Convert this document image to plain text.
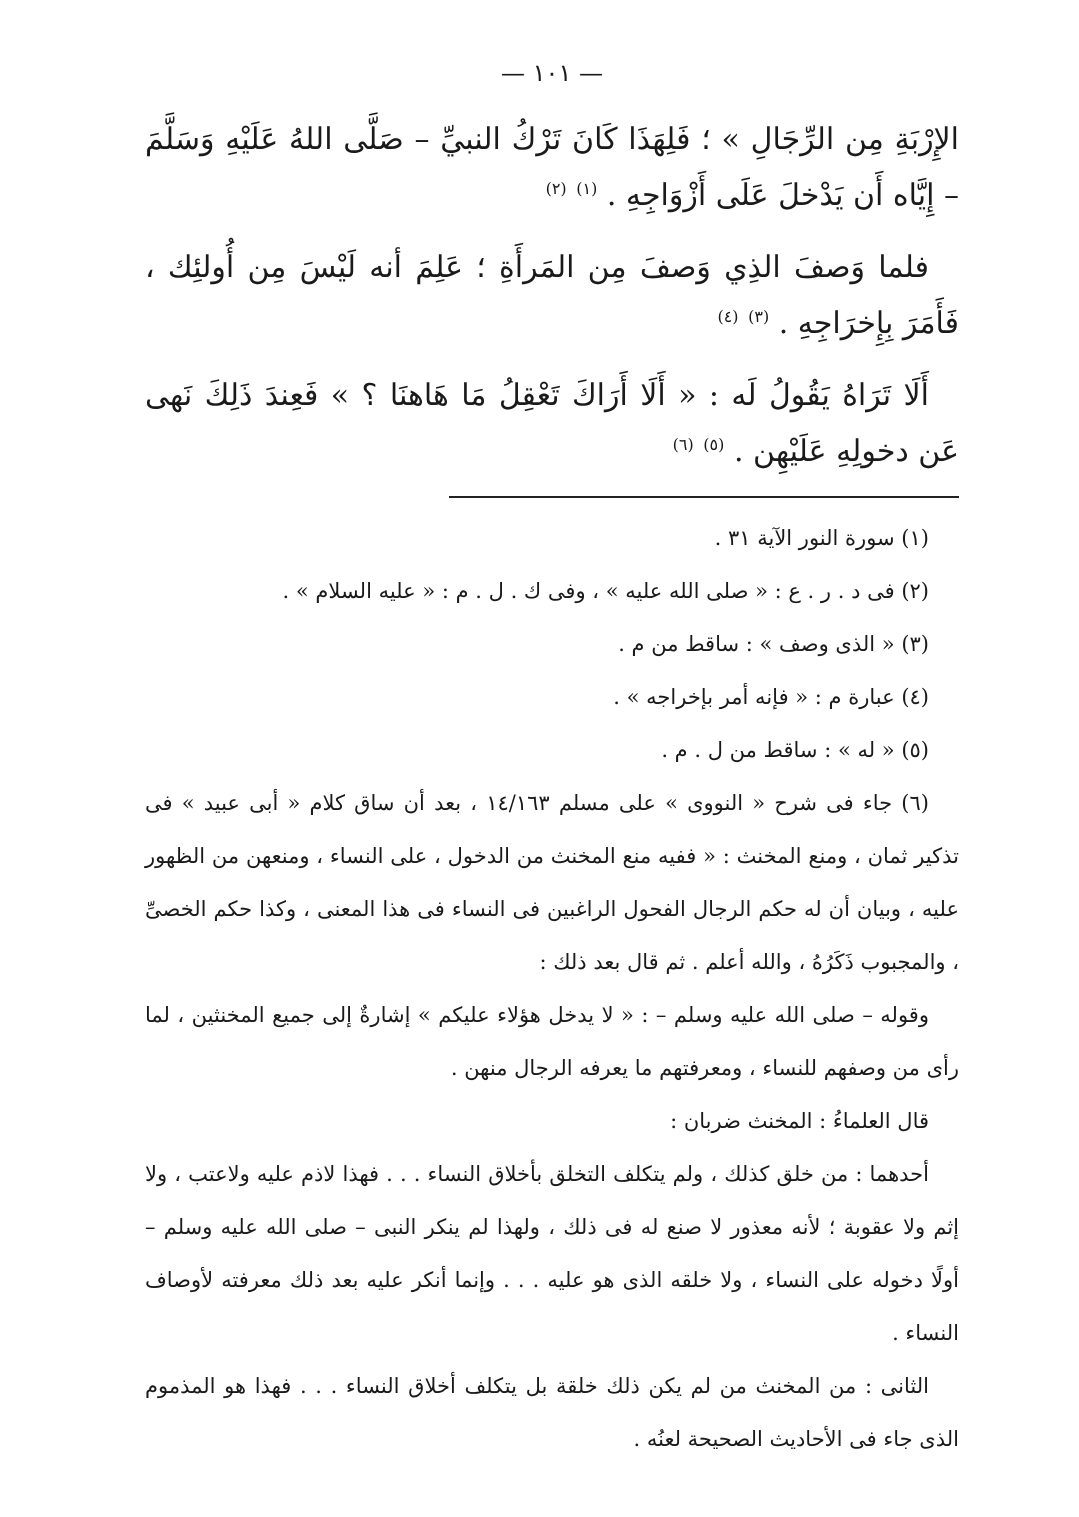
— ١٠١ —

الإِرْبَةِ مِن الرِّجَالِ » ؛ فَلِهَذَا كَانَ تَرْكُ النبيِّ – صَلَّى اللهُ عَلَيْهِ وَسَلَّمَ – إِيَّاه أَن يَدْخلَ عَلَى أَزْوَاجِهِ . $^{(١)}$ $^{(٢)}$

فلما وَصفَ الذِي وَصفَ مِن المَرأَةِ ؛ عَلِمَ أنه لَيْسَ مِن أُولئِك ، فَأَمَرَ بِإِخرَاجِهِ . $^{(٣)}$ $^{(٤)}$

أَلَا تَرَاهُ يَقُولُ لَه : « أَلَا أَرَاكَ تَعْقِلُ مَا هَاهنَا ؟ » فَعِندَ ذَلِكَ نَهى عَن دخولِهِ عَلَيْهِن . $^{(٥)}$ $^{(٦)}$

(١) سورة النور الآية ٣١ .

(٢) فى د . ر . ع : « صلى الله عليه » ، وفى ك . ل . م : « عليه السلام » .

(٣) « الذى وصف » : ساقط من م .

(٤) عبارة م : « فإنه أمر بإخراجه » .

(٥) « له » : ساقط من ل . م .

(٦) جاء فى شرح « النووى » على مسلم ١٤/١٦٣ ، بعد أن ساق كلام « أبى عبيد » فى تذكير ثمان ، ومنع المخنث : « ففيه منع المخنث من الدخول ، على النساء ، ومنعهن من الظهور عليه ، وبيان أن له حكم الرجال الفحول الراغبين فى النساء فى هذا المعنى ، وكذا حكم الخصىِّ ، والمجبوب ذَكَرُهُ ، والله أعلم . ثم قال بعد ذلك :

وقوله – صلى الله عليه وسلم – : « لا يدخل هؤلاء عليكم » إشارةٌ إلى جميع المخنثين ، لما رأى من وصفهم للنساء ، ومعرفتهم ما يعرفه الرجال منهن .

قال العلماءُ : المخنث ضربان :

أحدهما : من خلق كذلك ، ولم يتكلف التخلق بأخلاق النساء . . . فهذا لاذم عليه ولاعتب ، ولا إثم ولا عقوبة ؛ لأنه معذور لا صنع له فى ذلك ، ولهذا لم ينكر النبى – صلى الله عليه وسلم – أولًا دخوله على النساء ، ولا خلقه الذى هو عليه . . . وإنما أنكر عليه بعد ذلك معرفته لأوصاف النساء .

الثانى : من المخنث من لم يكن ذلك خلقة بل يتكلف أخلاق النساء . . . فهذا هو المذموم الذى جاء فى الأحاديث الصحيحة لعنُه .
